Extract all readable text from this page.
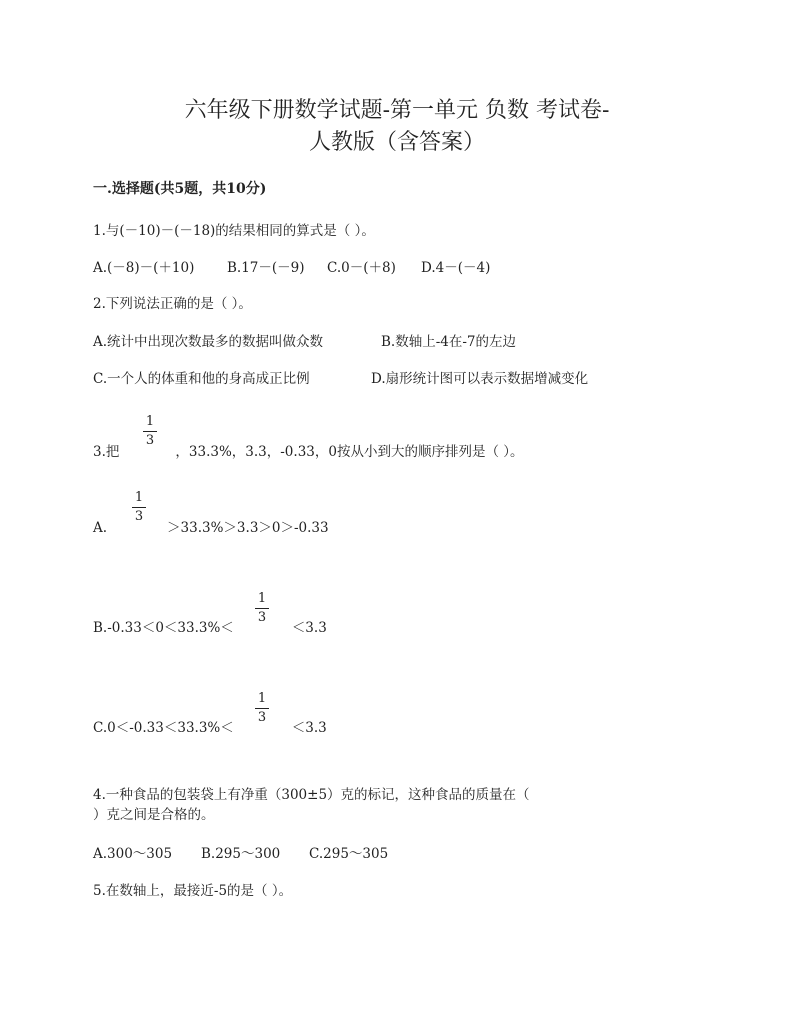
六年级下册数学试题-第一单元 负数 考试卷-
人教版（含答案）
一.选择题(共5题，共10分)
1.与(－10)－(－18)的结果相同的算式是（ ）。
A.(－8)－(＋10) B.17－(－9) C.0－(＋8) D.4－(－4)
2.下列说法正确的是（ ）。
A.统计中出现次数最多的数据叫做众数	B.数轴上-4在-7的左边
C.一个人的体重和他的身高成正比例	D.扇形统计图可以表示数据增减变化
1
3
3.把	，33.3%，3.3，-0.33，0按从小到大的顺序排列是（ ）。
1
3
A.	＞33.3%＞3.3＞0＞-0.33
1
3
B.-0.33＜0＜33.3%＜	＜3.3
1
3
C.0＜-0.33＜33.3%＜	＜3.3
4.一种食品的包装袋上有净重（300±5）克的标记，这种食品的质量在（
）克之间是合格的。
A.300～305 B.295～300 C.295～305
5.在数轴上，最接近-5的是（ ）。
